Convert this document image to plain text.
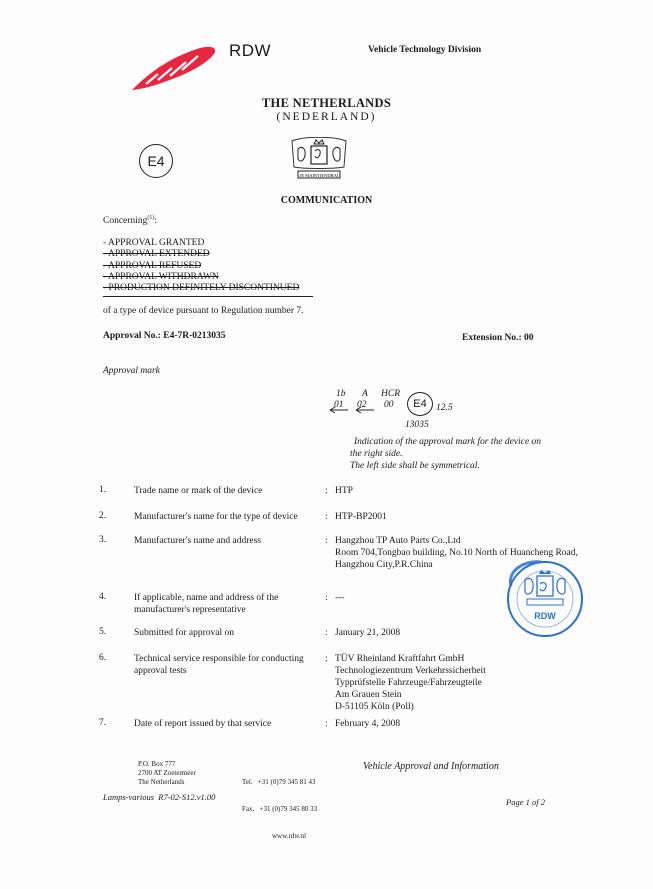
RDW	Vehicle Technology Division
THE NETHERLANDS
(NEDERLAND)
E4
JE MAINTIENDRAI
COMMUNICATION
Concerning$^{(1)}$:
- APPROVAL GRANTED
- APPROVAL EXTENDED
- APPROVAL REFUSED
- APPROVAL WITHDRAWN
- PRODUCTION DEFINITELY DISCONTINUED
of a type of device pursuant to Regulation number 7.
Approval No.: E4-7R-0213035	Extension No.: 00
Approval mark
1b A HCR
01 02 00 E4 12.5
13035
Indication of the approval mark for the device on
the right side.
The left side shall be symmetrical.
1.	Trade name or mark of the device	: HTP
2.	Manufacturer's name for the type of device	: HTP-BP2001
3.	Manufacturer's name and address	: Hangzhou TP Auto Parts Co.,Ltd
Room 704,Tongbao building, No.10 North of Huancheng Road,
Hangzhou City,P.R.China
4.	If applicable, name and address of the
manufacturer's representative
: ---
5.	Submitted for approval on	: January 21, 2008
6.	Technical service responsible for conducting
approval tests
: TÜV Rheinland Kraftfahrt GmbH
Technologiezentrum Verkehrssicherheit
Typprüfstelle Fahrzeuge/Fahrzeugteile
Am Grauen Stein
D-51105 Köln (Poll)
7.	Date of report issued by that service	: February 4, 2008
RDW
P.O. Box 777
2700 AT Zoetermeer
The Netherlands

	Tel.   +31 (0)79 345 81 43

Fax.   +31 (0)79 345 80 33

www.rdw.nl

Vehicle Approval and Information
Lamps-various  R7-02-S12.v1.00	Page 1 of 2
